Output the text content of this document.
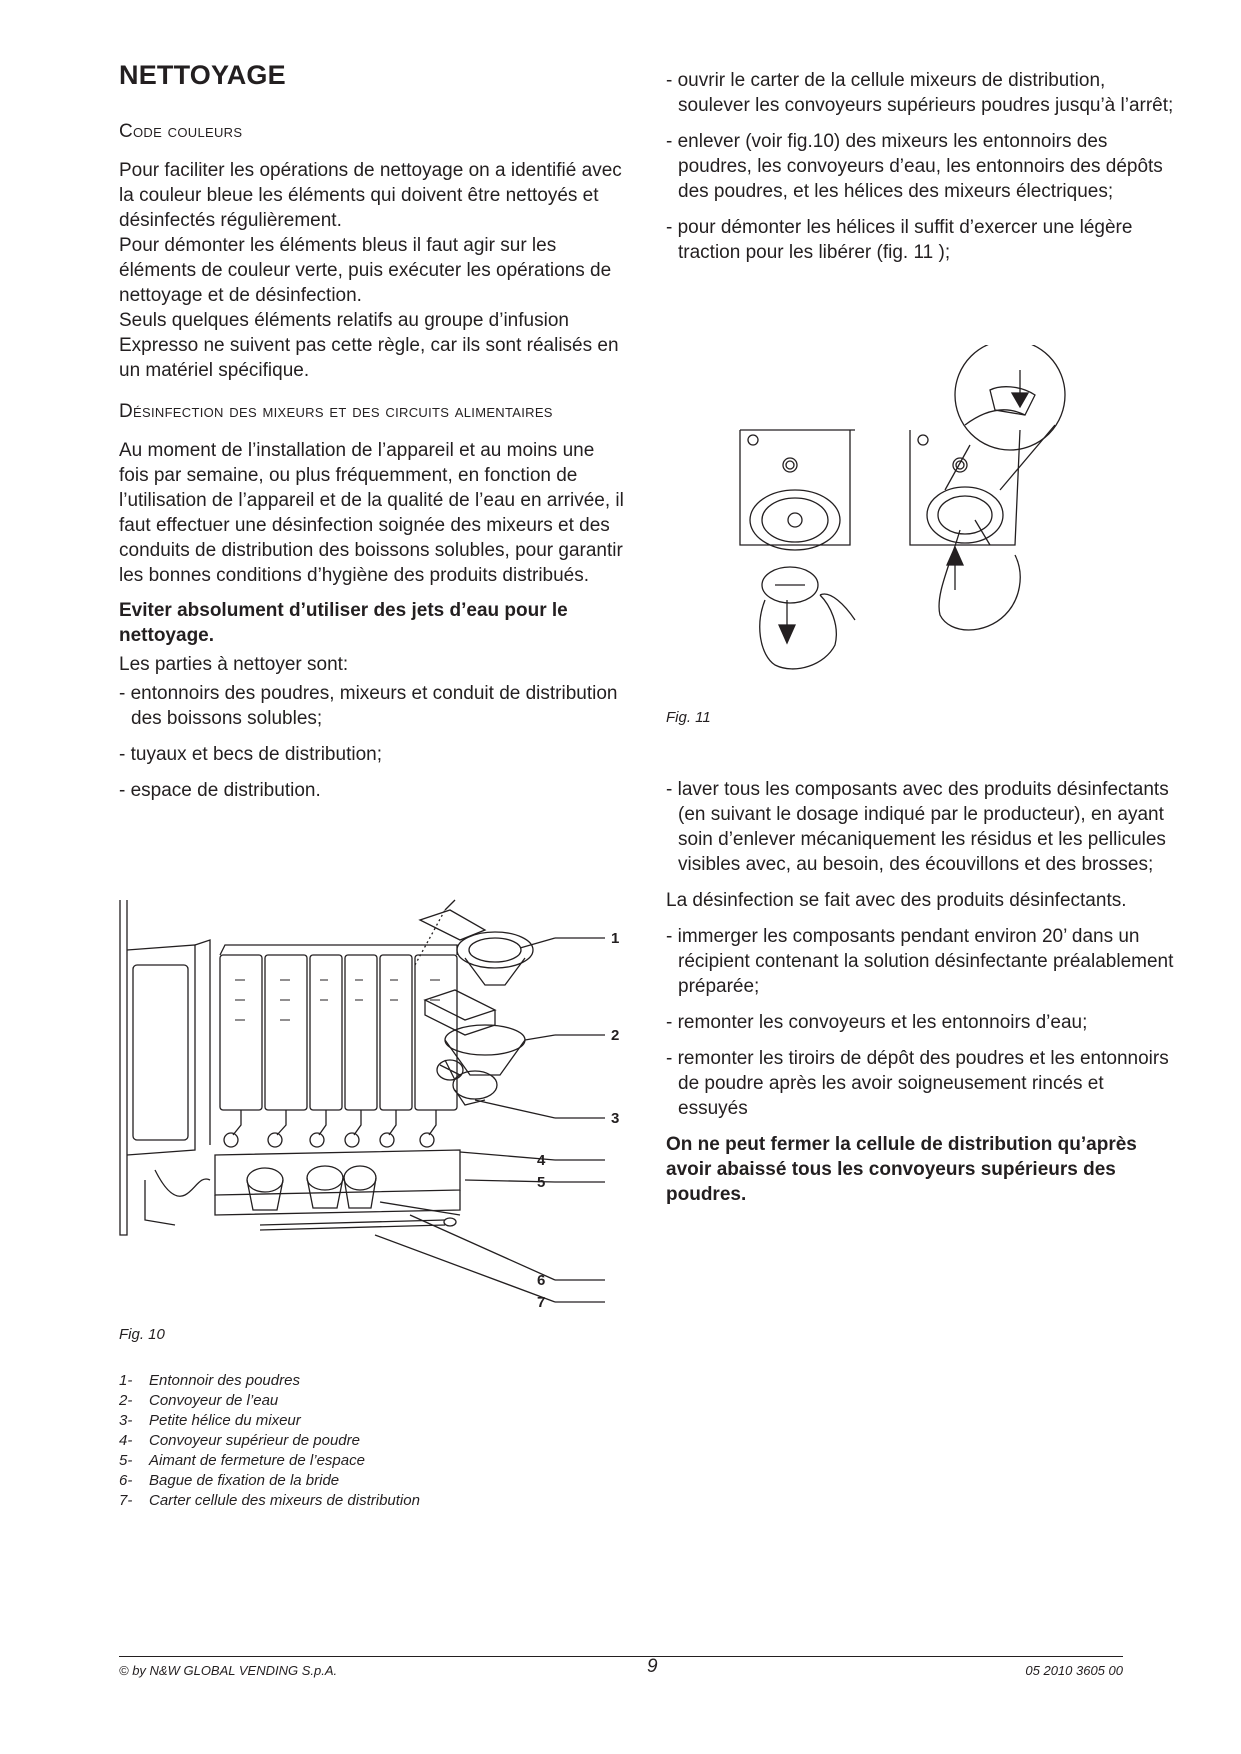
NETTOYAGE
Code couleurs

Pour faciliter les opérations de nettoyage on a identifié avec la couleur bleue les éléments qui doivent être nettoyés et désinfectés régulièrement.

Pour démonter les éléments bleus il faut agir sur les éléments de couleur verte, puis exécuter les opérations de nettoyage et de désinfection.

Seuls quelques éléments relatifs au groupe d’infusion Expresso ne suivent pas cette règle, car ils sont réalisés en un matériel spécifique.

Désinfection des mixeurs et des circuits alimentaires

Au moment de l’installation de l’appareil et au moins une fois par semaine, ou plus fréquemment, en fonction de l’utilisation de l’appareil et de la qualité de l’eau en arrivée, il faut effectuer une désinfection soignée des mixeurs et des conduits de distribution des boissons solubles, pour garantir les bonnes conditions d’hygiène des produits distribués.

Eviter absolument d’utiliser des jets d’eau pour le nettoyage.

Les parties à nettoyer sont:

- entonnoirs des poudres, mixeurs et conduit de distribution des boissons solubles;
- tuyaux et becs de distribution;
- espace de distribution.
1
2
3
4
5
6
7
Fig. 10
1-	Entonnoir des poudres
2-	Convoyeur de l’eau
3-	Petite hélice du mixeur
4-	Convoyeur supérieur de poudre
5-	Aimant de fermeture de l’espace
6-	Bague de fixation de la bride
7-	Carter cellule des mixeurs de distribution
- ouvrir le carter de la cellule mixeurs de distribution, soulever les convoyeurs supérieurs poudres jusqu’à l’arrêt;
- enlever (voir fig.10) des mixeurs les entonnoirs des poudres, les convoyeurs d’eau, les entonnoirs des dépôts des poudres, et les hélices des mixeurs électriques;
- pour démonter les hélices il suffit d’exercer une légère traction pour les libérer (fig. 11 );
Fig. 11
- laver tous les composants avec des produits désinfectants (en suivant le dosage indiqué par le producteur), en ayant soin d’enlever mécaniquement les résidus et les pellicules visibles avec, au besoin, des écouvillons et des brosses;

La désinfection se fait avec des produits désinfectants.

- immerger les composants pendant environ 20’ dans un récipient contenant la solution désinfectante préalablement préparée;
- remonter les convoyeurs et les entonnoirs d’eau;
- remonter les tiroirs de dépôt des poudres et les entonnoirs de poudre après les avoir soigneusement rincés et essuyés

On ne peut fermer la cellule de distribution qu’après avoir abaissé tous les convoyeurs supérieurs des poudres.

© by N&W GLOBAL VENDING S.p.A.	9	05 2010 3605 00
